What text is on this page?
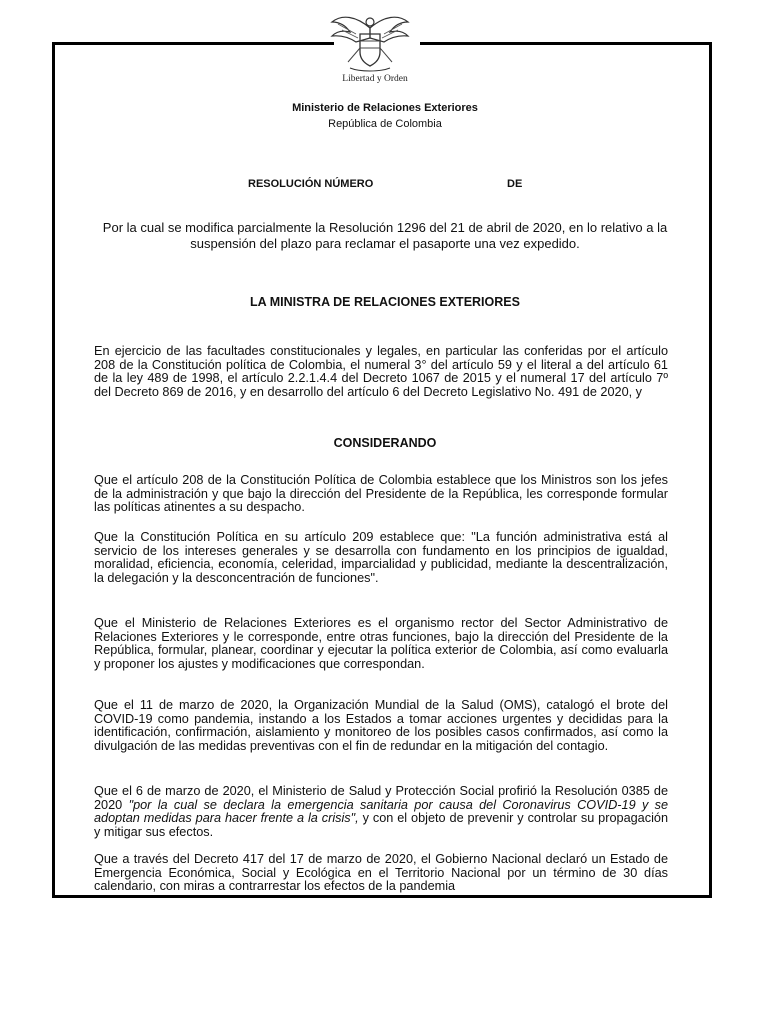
Libertad y Orden
Ministerio de Relaciones Exteriores
República de Colombia
RESOLUCIÓN NÚMERO	DE
Por la cual se modifica parcialmente la Resolución 1296 del 21 de abril de 2020, en lo relativo a la suspensión del plazo para reclamar el pasaporte una vez expedido.
LA MINISTRA DE RELACIONES EXTERIORES
En ejercicio de las facultades constitucionales y legales, en particular las conferidas por el artículo 208 de la Constitución política de Colombia, el numeral 3° del artículo 59 y el literal a del artículo 61 de la ley 489 de 1998, el artículo 2.2.1.4.4 del Decreto 1067 de 2015 y el numeral 17 del artículo 7º del Decreto 869 de 2016, y en desarrollo del artículo 6 del Decreto Legislativo No. 491 de 2020, y
CONSIDERANDO
Que el artículo 208 de la Constitución Política de Colombia establece que los Ministros son los jefes de la administración y que bajo la dirección del Presidente de la República, les corresponde formular las políticas atinentes a su despacho.
Que la Constitución Política en su artículo 209 establece que: "La función administrativa está al servicio de los intereses generales y se desarrolla con fundamento en los principios de igualdad, moralidad, eficiencia, economía, celeridad, imparcialidad y publicidad, mediante la descentralización, la delegación y la desconcentración de funciones".
Que el Ministerio de Relaciones Exteriores es el organismo rector del Sector Administrativo de Relaciones Exteriores y le corresponde, entre otras funciones, bajo la dirección del Presidente de la República, formular, planear, coordinar y ejecutar la política exterior de Colombia, así como evaluarla y proponer los ajustes y modificaciones que correspondan.
Que el 11 de marzo de 2020, la Organización Mundial de la Salud (OMS), catalogó el brote del COVID-19 como pandemia, instando a los Estados a tomar acciones urgentes y decididas para la identificación, confirmación, aislamiento y monitoreo de los posibles casos confirmados, así como la divulgación de las medidas preventivas con el fin de redundar en la mitigación del contagio.
Que el 6 de marzo de 2020, el Ministerio de Salud y Protección Social profirió la Resolución 0385 de 2020 "por la cual se declara la emergencia sanitaria por causa del Coronavirus COVID-19 y se adoptan medidas para hacer frente a la crisis", y con el objeto de prevenir y controlar su propagación y mitigar sus efectos.
Que a través del Decreto 417 del 17 de marzo de 2020, el Gobierno Nacional declaró un Estado de Emergencia Económica, Social y Ecológica en el Territorio Nacional por un término de 30 días calendario, con miras a contrarrestar los efectos de la pandemia
